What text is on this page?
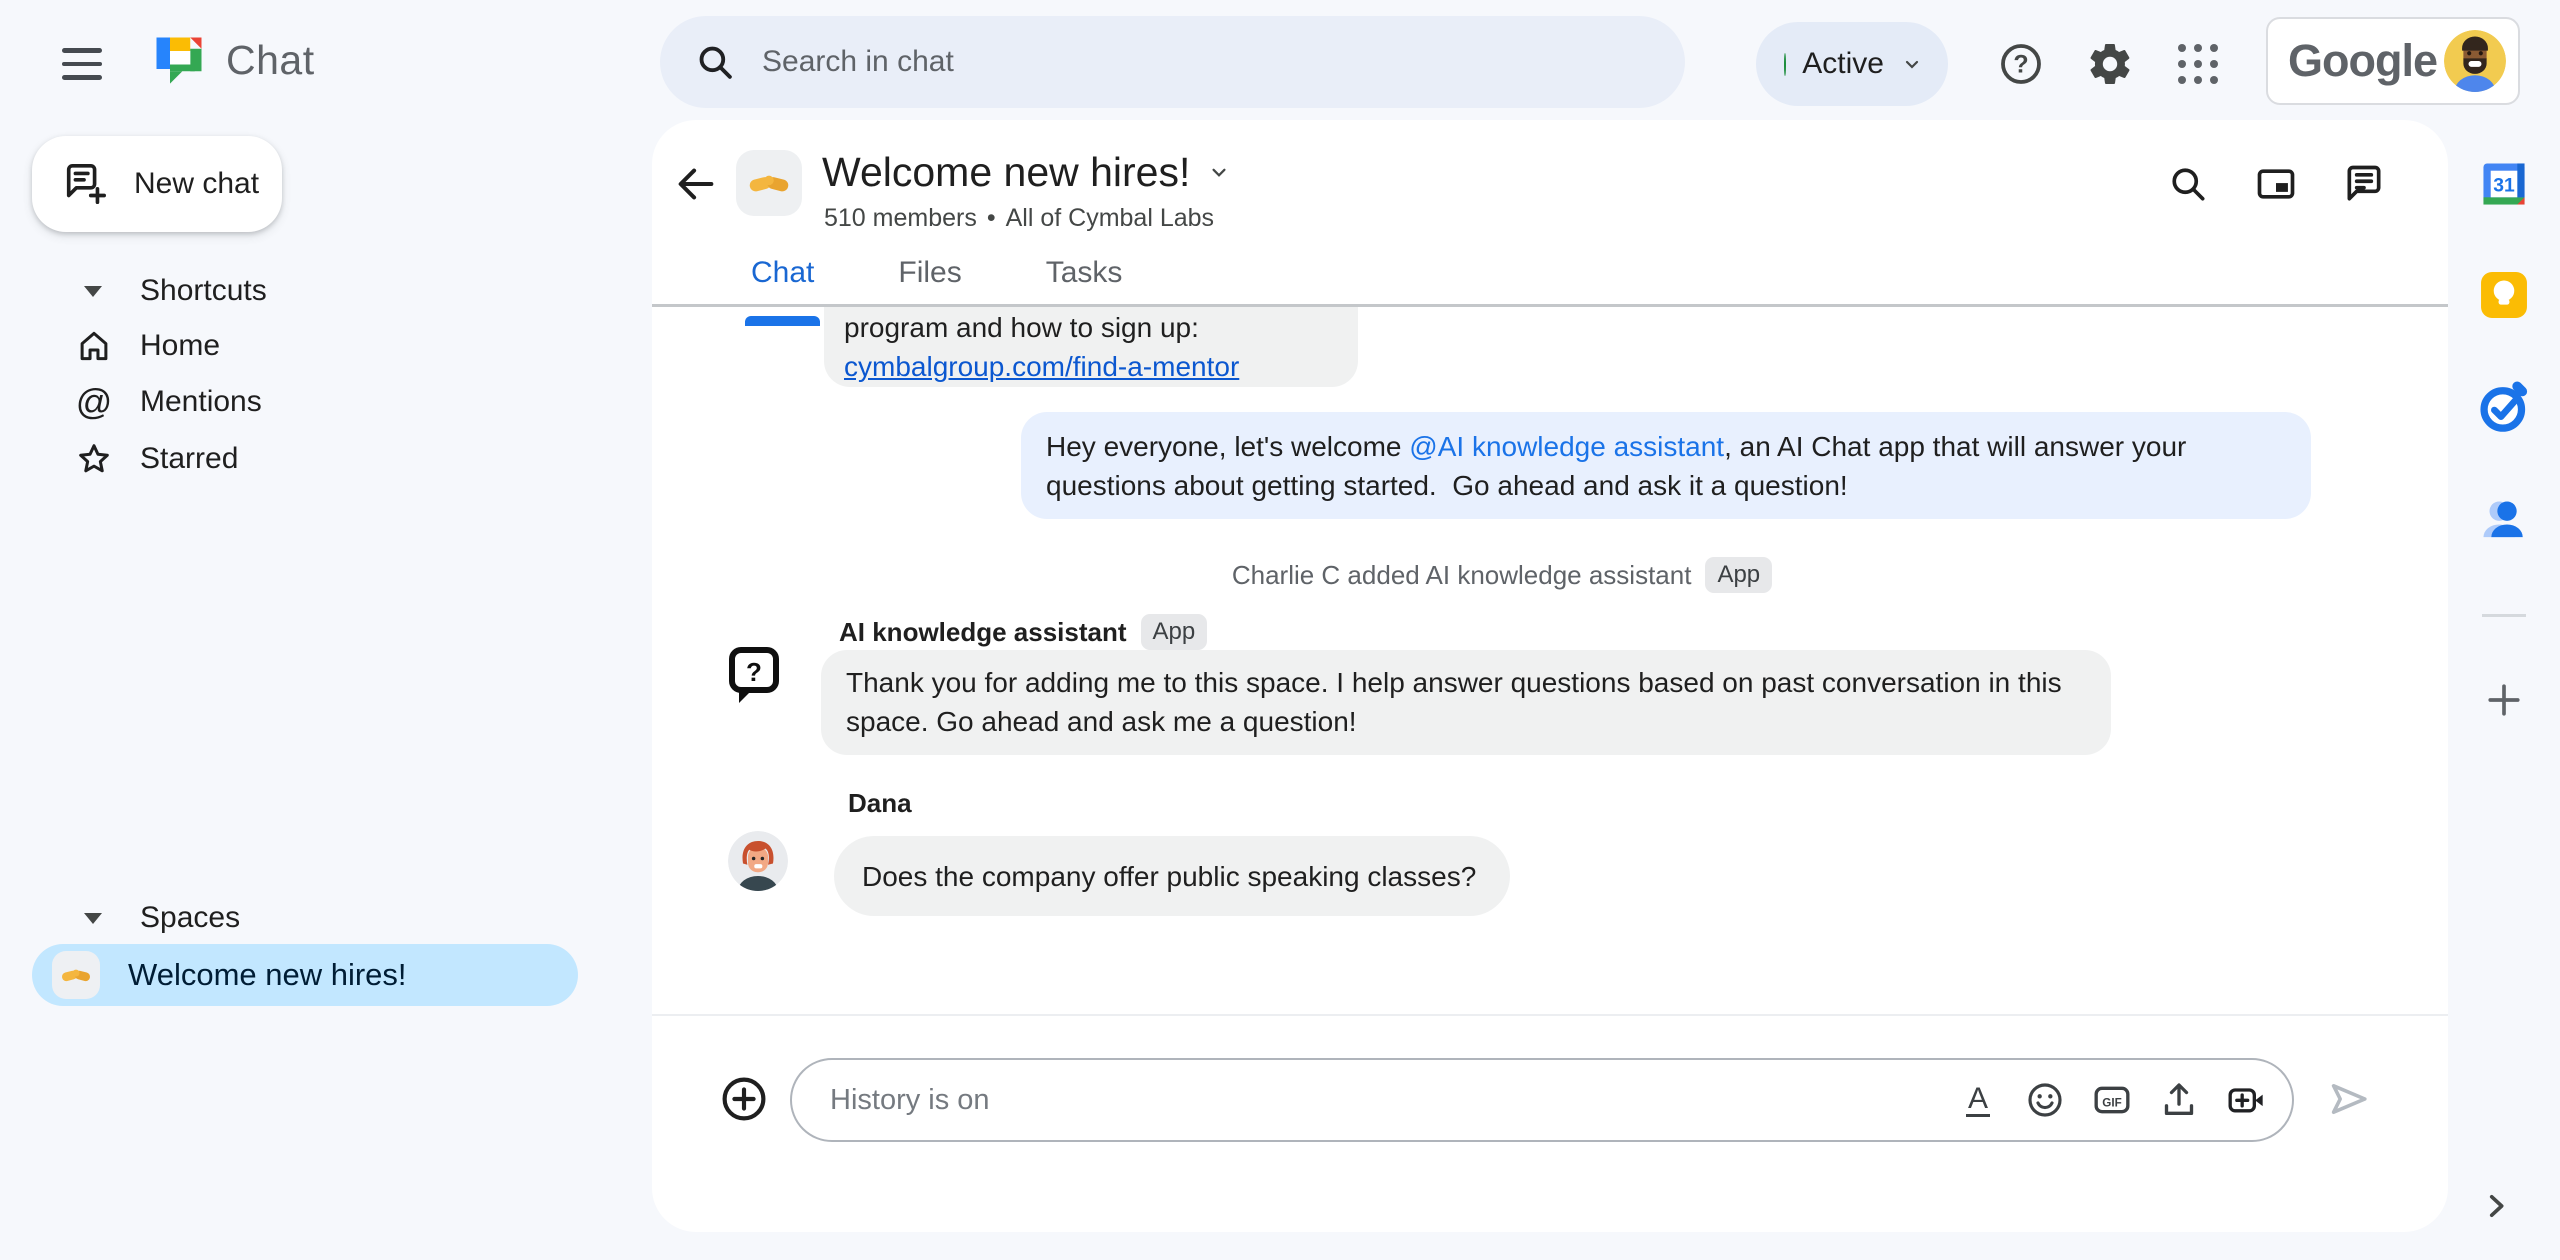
Chat
Search in chat	Active	?	Google
New chat
Shortcuts
Home
@ Mentions
Starred
Spaces
Welcome new hires!
Welcome new hires!
510 members • All of Cymbal Labs
Chat	Files	Tasks
program and how to sign up:
cymbalgroup.com/find-a-mentor
Hey everyone, let's welcome @AI knowledge assistant, an AI Chat app that will answer your questions about getting started.  Go ahead and ask it a question!
Charlie C added AI knowledge assistant	App
AI knowledge assistant	App
?	Thank you for adding me to this space. I help answer questions based on past conversation in this space. Go ahead and ask me a question!
Dana
Does the company offer public speaking classes?
History is on
A	GIF
31
